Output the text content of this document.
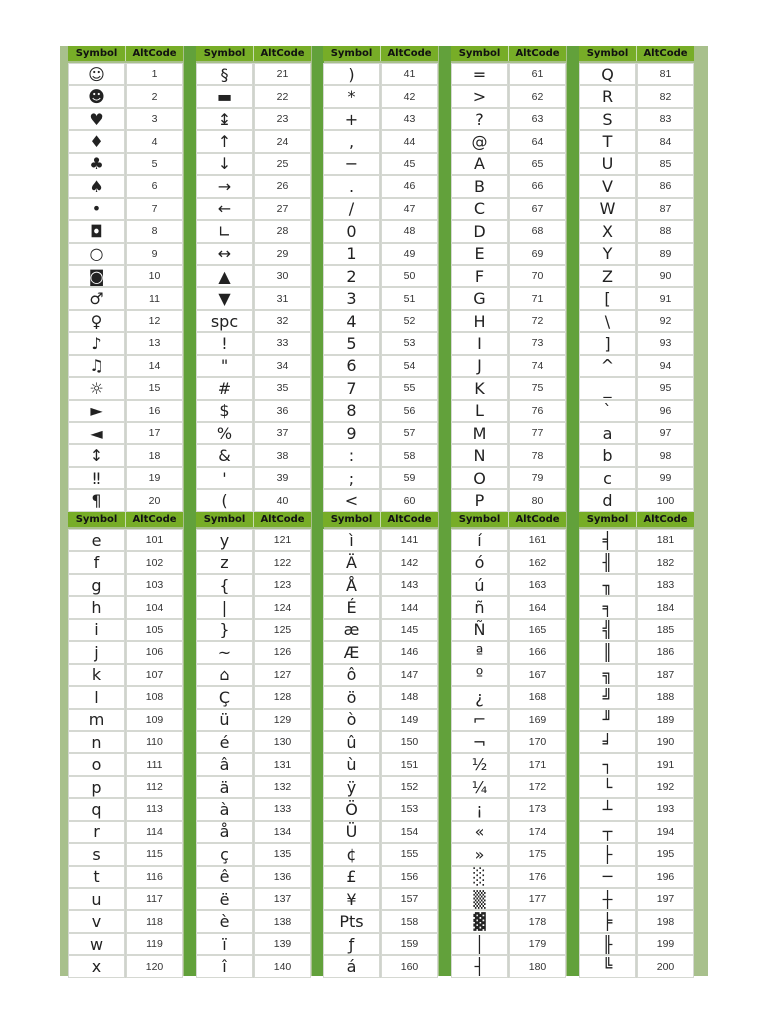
Symbol	AltCode
☺	1
☻	2
♥	3
♦	4
♣	5
♠	6
•	7
◘	8
○	9
◙	10
♂	11
♀	12
♪	13
♫	14
☼	15
►	16
◄	17
↕	18
‼	19
¶	20
Symbol	AltCode
§	21
▬	22
↨	23
↑	24
↓	25
→	26
←	27
∟	28
↔	29
▲	30
▼	31
spc	32
!	33
"	34
#	35
$	36
%	37
&	38
'	39
(	40
Symbol	AltCode
)	41
*	42
+	43
,	44
−	45
.	46
/	47
0	48
1	49
2	50
3	51
4	52
5	53
6	54
7	55
8	56
9	57
:	58
;	59
<	60
Symbol	AltCode
=	61
>	62
?	63
@	64
A	65
B	66
C	67
D	68
E	69
F	70
G	71
H	72
I	73
J	74
K	75
L	76
M	77
N	78
O	79
P	80
Symbol	AltCode
Q	81
R	82
S	83
T	84
U	85
V	86
W	87
X	88
Y	89
Z	90
[	91
\	92
]	93
^	94
_	95
`	96
a	97
b	98
c	99
d	100
Symbol	AltCode
e	101
f	102
g	103
h	104
i	105
j	106
k	107
l	108
m	109
n	110
o	111
p	112
q	113
r	114
s	115
t	116
u	117
v	118
w	119
x	120
Symbol	AltCode
y	121
z	122
{	123
|	124
}	125
~	126
⌂	127
Ç	128
ü	129
é	130
â	131
ä	132
à	133
å	134
ç	135
ê	136
ë	137
è	138
ï	139
î	140
Symbol	AltCode
ì	141
Ä	142
Å	143
É	144
æ	145
Æ	146
ô	147
ö	148
ò	149
û	150
ù	151
ÿ	152
Ö	153
Ü	154
¢	155
£	156
¥	157
Pts	158
ƒ	159
á	160
Symbol	AltCode
í	161
ó	162
ú	163
ñ	164
Ñ	165
ª	166
º	167
¿	168
⌐	169
¬	170
½	171
¼	172
¡	173
«	174
»	175
░	176
▒	177
▓	178
│	179
┤	180
Symbol	AltCode
╡	181
╢	182
╖	183
╕	184
╣	185
║	186
╗	187
╝	188
╜	189
╛	190
┐	191
└	192
┴	193
┬	194
├	195
─	196
┼	197
╞	198
╟	199
╚	200
